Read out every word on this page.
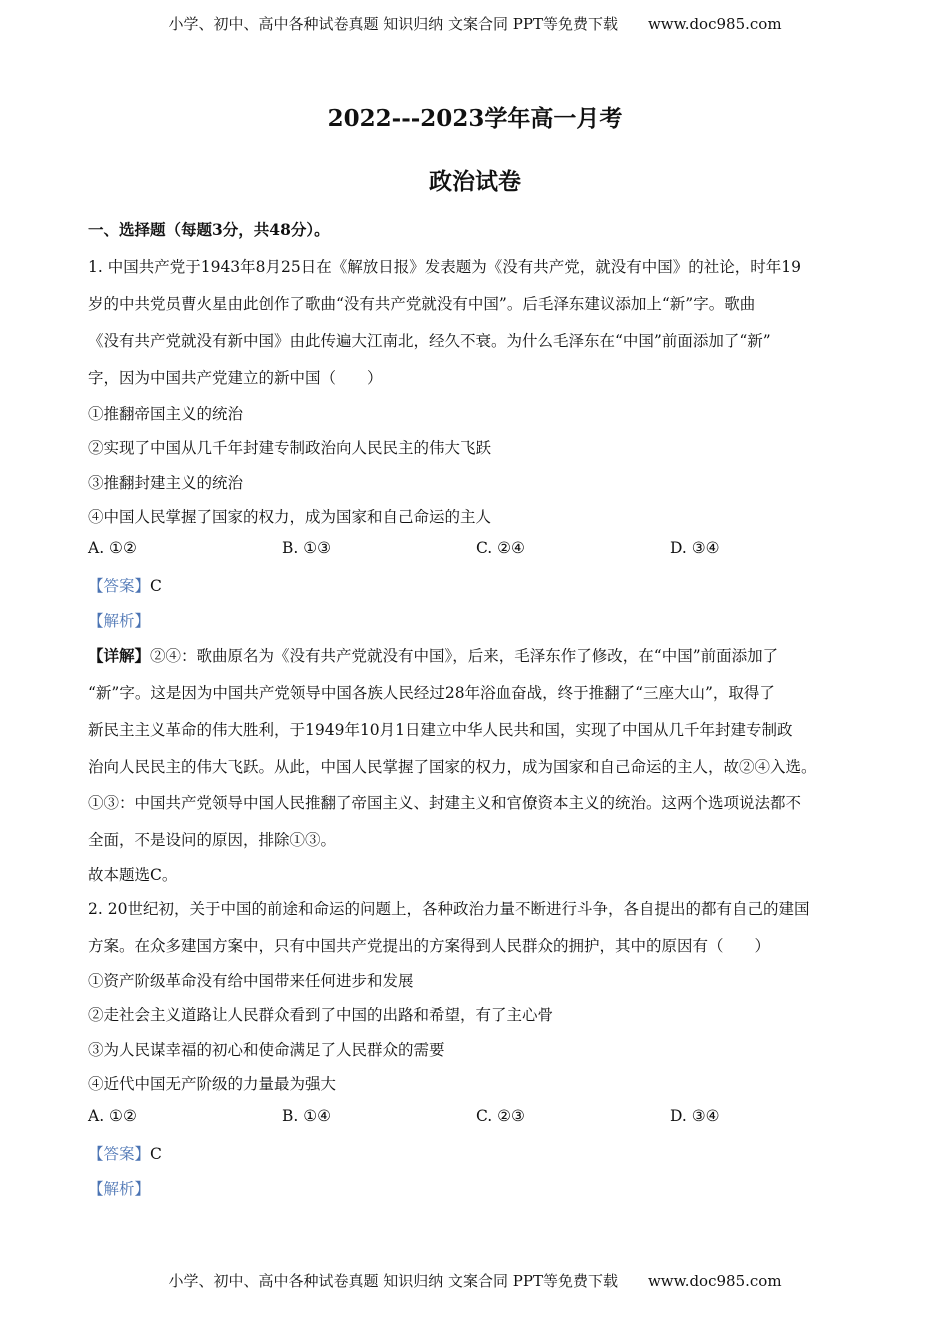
小学、初中、高中各种试卷真题 知识归纳 文案合同 PPT等免费下载 www.doc985.com
2022---2023学年高一月考
政治试卷
一、选择题（每题3分，共48分）。
1. 中国共产党于1943年8月25日在《解放日报》发表题为《没有共产党，就没有中国》的社论，时年19
岁的中共党员曹火星由此创作了歌曲“没有共产党就没有中国”。后毛泽东建议添加上“新”字。歌曲
《没有共产党就没有新中国》由此传遍大江南北，经久不衰。为什么毛泽东在“中国”前面添加了“新”
字，因为中国共产党建立的新中国（　　）
①推翻帝国主义的统治
②实现了中国从几千年封建专制政治向人民民主的伟大飞跃
③推翻封建主义的统治
④中国人民掌握了国家的权力，成为国家和自己命运的主人
A. ①②	B. ①③	C. ②④	D. ③④
【答案】C
【解析】
【详解】②④：歌曲原名为《没有共产党就没有中国》，后来，毛泽东作了修改，在“中国”前面添加了
“新”字。这是因为中国共产党领导中国各族人民经过28年浴血奋战，终于推翻了“三座大山”，取得了
新民主主义革命的伟大胜利，于1949年10月1日建立中华人民共和国，实现了中国从几千年封建专制政
治向人民民主的伟大飞跃。从此，中国人民掌握了国家的权力，成为国家和自己命运的主人，故②④入选。
①③：中国共产党领导中国人民推翻了帝国主义、封建主义和官僚资本主义的统治。这两个选项说法都不
全面，不是设问的原因，排除①③。
故本题选C。
2. 20世纪初，关于中国的前途和命运的问题上，各种政治力量不断进行斗争，各自提出的都有自己的建国
方案。在众多建国方案中，只有中国共产党提出的方案得到人民群众的拥护，其中的原因有（　　）
①资产阶级革命没有给中国带来任何进步和发展
②走社会主义道路让人民群众看到了中国的出路和希望，有了主心骨
③为人民谋幸福的初心和使命满足了人民群众的需要
④近代中国无产阶级的力量最为强大
A. ①②	B. ①④	C. ②③	D. ③④
【答案】C
【解析】
小学、初中、高中各种试卷真题 知识归纳 文案合同 PPT等免费下载 www.doc985.com
